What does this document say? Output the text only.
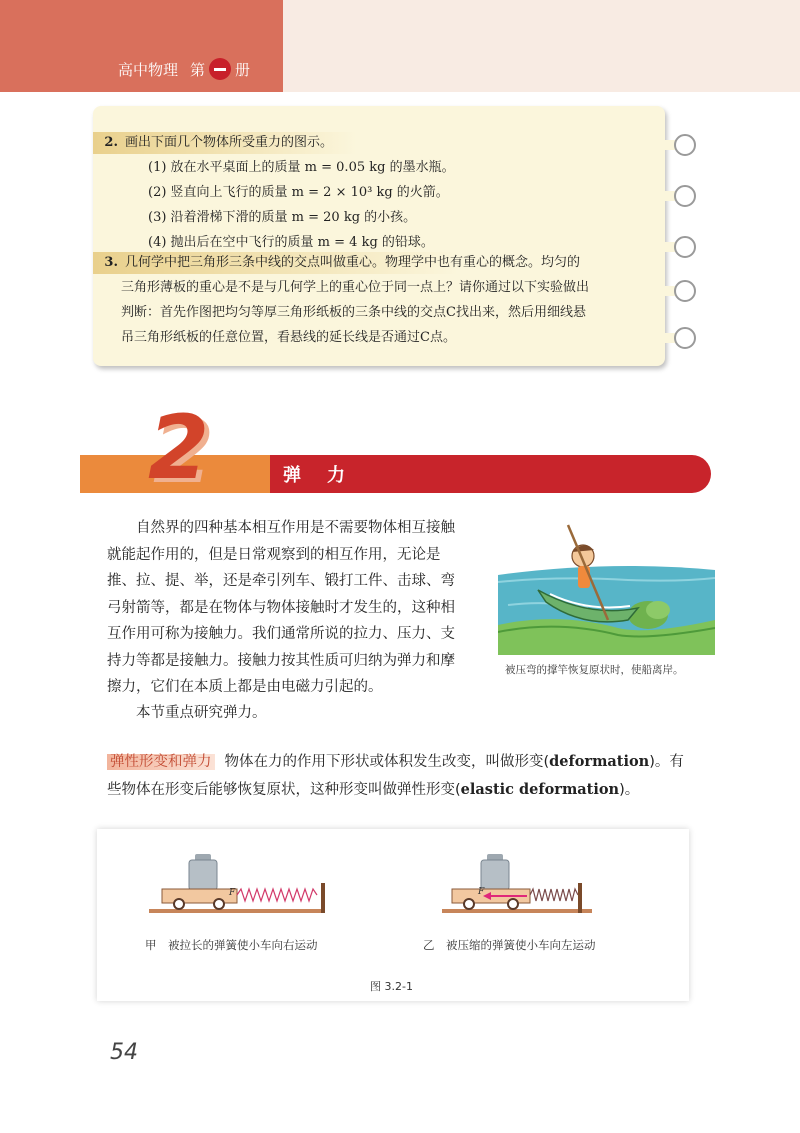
高中物理 第 册
2. 画出下面几个物体所受重力的图示。
(1) 放在水平桌面上的质量 m = 0.05 kg 的墨水瓶。
(2) 竖直向上飞行的质量 m = 2 × 10³ kg 的火箭。
(3) 沿着滑梯下滑的质量 m = 20 kg 的小孩。
(4) 抛出后在空中飞行的质量 m = 4 kg 的铅球。
3. 几何学中把三角形三条中线的交点叫做重心。物理学中也有重心的概念。均匀的
三角形薄板的重心是不是与几何学上的重心位于同一点上？请你通过以下实验做出
判断：首先作图把均匀等厚三角形纸板的三条中线的交点C找出来，然后用细线悬
吊三角形纸板的任意位置，看悬线的延长线是否通过C点。
2	弹力
自然界的四种基本相互作用是不需要物体相互接触
就能起作用的，但是日常观察到的相互作用，无论是
推、拉、提、举，还是牵引列车、锻打工件、击球、弯
弓射箭等，都是在物体与物体接触时才发生的，这种相
互作用可称为接触力。我们通常所说的拉力、压力、支
持力等都是接触力。接触力按其性质可归纳为弹力和摩
擦力，它们在本质上都是由电磁力引起的。
本节重点研究弹力。
被压弯的撑竿恢复原状时，使船离岸。
弹性形变和弹力 物体在力的作用下形状或体积发生改变，叫做形变(deformation)。有
些物体在形变后能够恢复原状，这种形变叫做弹性形变(elastic deformation)。
F	F
甲　被拉长的弹簧使小车向右运动	乙　被压缩的弹簧使小车向左运动
图 3.2-1
54
